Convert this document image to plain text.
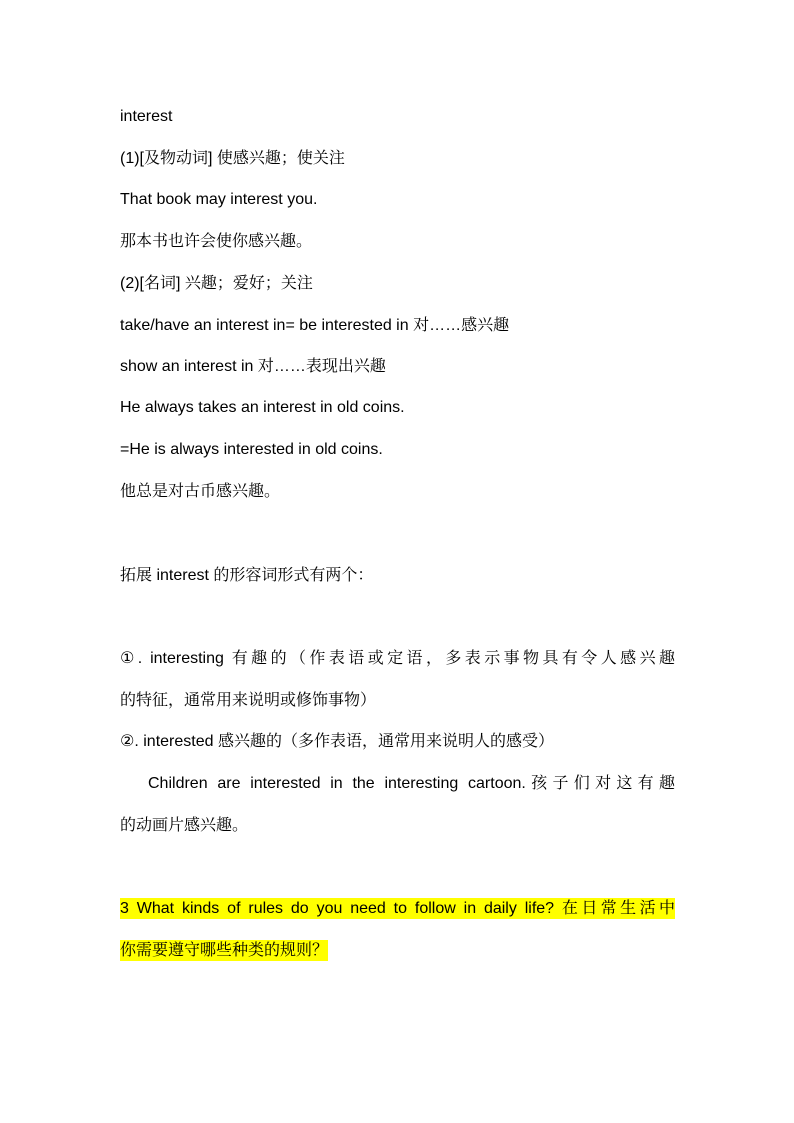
interest
(1)[及物动词] 使感兴趣；使关注
That book may interest you.
那本书也许会使你感兴趣。
(2)[名词] 兴趣；爱好；关注
take/have an interest in= be interested in 对……感兴趣
show an interest in 对……表现出兴趣
He always takes an interest in old coins.
=He is always interested in old coins.
他总是对古币感兴趣。
拓展 interest 的形容词形式有两个：
①. interesting 有趣的（作表语或定语，多表示事物具有令人感兴趣
的特征，通常用来说明或修饰事物）
②. interested 感兴趣的（多作表语，通常用来说明人的感受）
Children are interested in the interesting cartoon.孩子们对这有趣
的动画片感兴趣。
3 What kinds of rules do you need to follow in daily life? 在日常生活中
你需要遵守哪些种类的规则？
